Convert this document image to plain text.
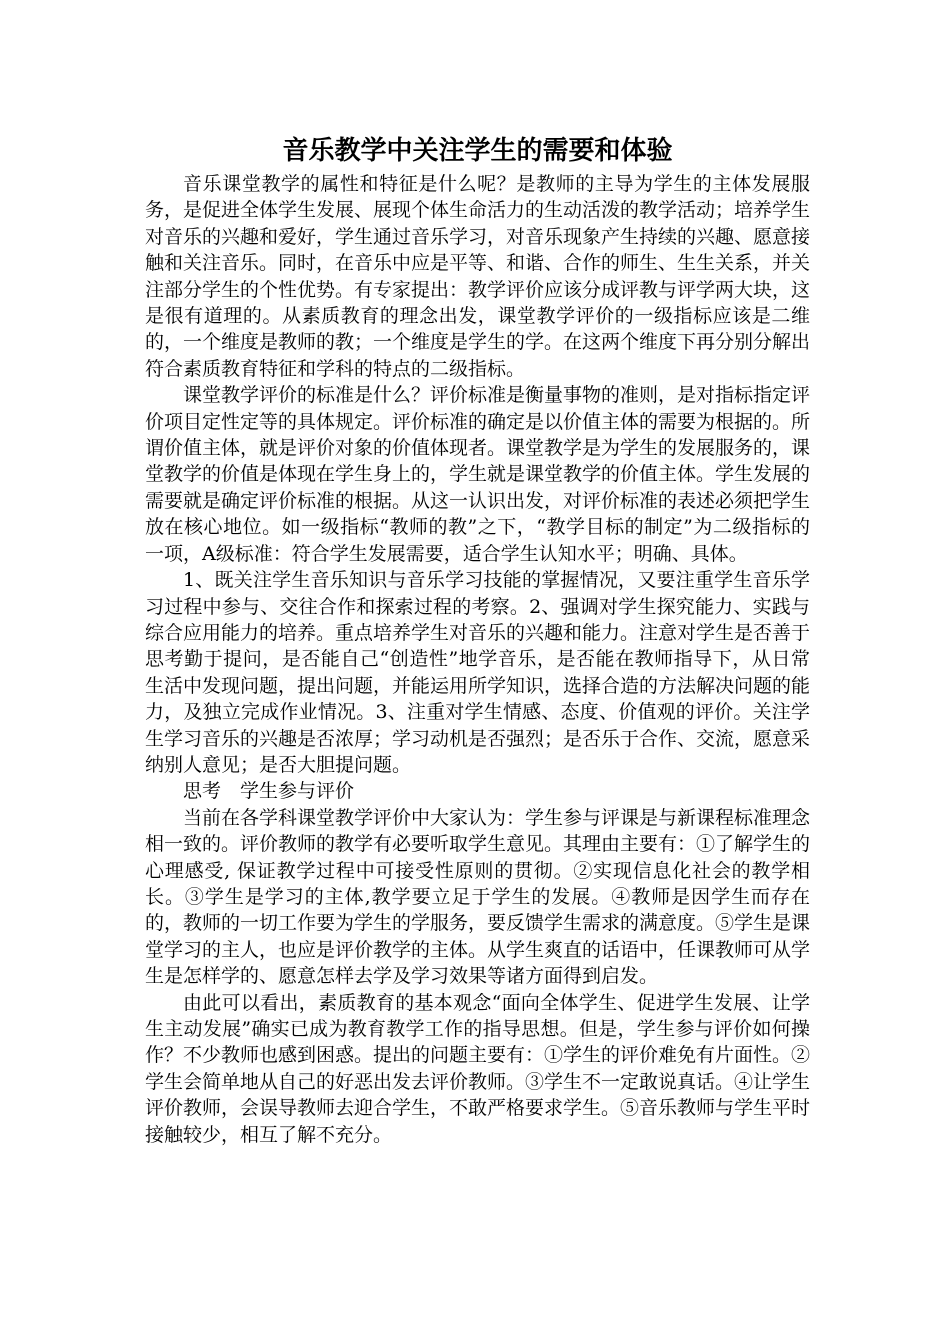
音乐教学中关注学生的需要和体验

音乐课堂教学的属性和特征是什么呢？是教师的主导为学生的主体发展服务，是促进全体学生发展、展现个体生命活力的生动活泼的教学活动；培养学生对音乐的兴趣和爱好，学生通过音乐学习，对音乐现象产生持续的兴趣、愿意接触和关注音乐。同时，在音乐中应是平等、和谐、合作的师生、生生关系，并关注部分学生的个性优势。有专家提出：教学评价应该分成评教与评学两大块，这是很有道理的。从素质教育的理念出发，课堂教学评价的一级指标应该是二维的，一个维度是教师的教；一个维度是学生的学。在这两个维度下再分别分解出符合素质教育特征和学科的特点的二级指标。

课堂教学评价的标准是什么？评价标准是衡量事物的准则，是对指标指定评价项目定性定等的具体规定。评价标准的确定是以价值主体的需要为根据的。所谓价值主体，就是评价对象的价值体现者。课堂教学是为学生的发展服务的，课堂教学的价值是体现在学生身上的，学生就是课堂教学的价值主体。学生发展的需要就是确定评价标准的根据。从这一认识出发，对评价标准的表述必须把学生放在核心地位。如一级指标“教师的教”之下，“教学目标的制定”为二级指标的一项，A级标准：符合学生发展需要，适合学生认知水平；明确、具体。

1、既关注学生音乐知识与音乐学习技能的掌握情况，又要注重学生音乐学习过程中参与、交往合作和探索过程的考察。2、强调对学生探究能力、实践与综合应用能力的培养。重点培养学生对音乐的兴趣和能力。注意对学生是否善于思考勤于提问，是否能自己“创造性”地学音乐，是否能在教师指导下，从日常生活中发现问题，提出问题，并能运用所学知识，选择合造的方法解决问题的能力，及独立完成作业情况。3、注重对学生情感、态度、价值观的评价。关注学生学习音乐的兴趣是否浓厚；学习动机是否强烈；是否乐于合作、交流，愿意采纳别人意见；是否大胆提问题。

思考　学生参与评价

当前在各学科课堂教学评价中大家认为：学生参与评课是与新课程标准理念相一致的。评价教师的教学有必要听取学生意见。其理由主要有：①了解学生的心理感受, 保证教学过程中可接受性原则的贯彻。②实现信息化社会的教学相长。③学生是学习的主体,教学要立足于学生的发展。④教师是因学生而存在的，教师的一切工作要为学生的学服务，要反馈学生需求的满意度。⑤学生是课堂学习的主人，也应是评价教学的主体。从学生爽直的话语中，任课教师可从学生是怎样学的、愿意怎样去学及学习效果等诸方面得到启发。

由此可以看出，素质教育的基本观念“面向全体学生、促进学生发展、让学生主动发展”确实已成为教育教学工作的指导思想。但是，学生参与评价如何操作？不少教师也感到困惑。提出的问题主要有：①学生的评价难免有片面性。②学生会简单地从自己的好恶出发去评价教师。③学生不一定敢说真话。④让学生评价教师，会误导教师去迎合学生，不敢严格要求学生。⑤音乐教师与学生平时接触较少，相互了解不充分。
